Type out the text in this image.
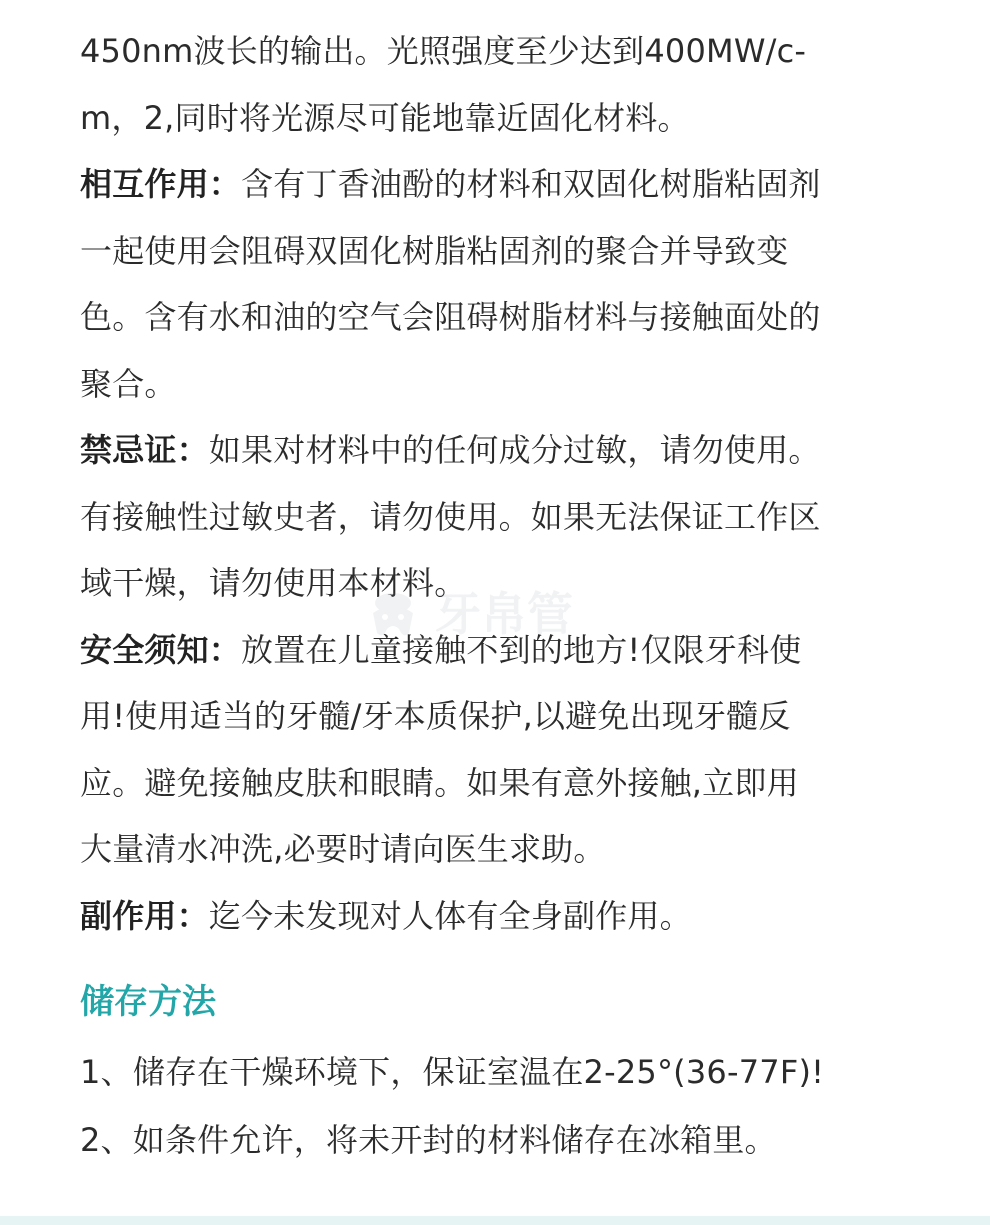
450nm波长的输出。光照强度至少达到400MW/c-
m，2,同时将光源尽可能地靠近固化材料。
相互作用：含有丁香油酚的材料和双固化树脂粘固剂
一起使用会阻碍双固化树脂粘固剂的聚合并导致变
色。含有水和油的空气会阻碍树脂材料与接触面处的
聚合。
禁忌证：如果对材料中的任何成分过敏，请勿使用。
有接触性过敏史者，请勿使用。如果无法保证工作区
域干燥，请勿使用本材料。
安全须知：放置在儿童接触不到的地方!仅限牙科使
用!使用适当的牙髓/牙本质保护,以避免出现牙髓反
应。避免接触皮肤和眼睛。如果有意外接触,立即用
大量清水冲洗,必要时请向医生求助。
副作用：迄今未发现对人体有全身副作用。
储存方法
1、储存在干燥环境下，保证室温在2-25°(36-77F)!
2、如条件允许，将未开封的材料储存在冰箱里。
牙帛管
